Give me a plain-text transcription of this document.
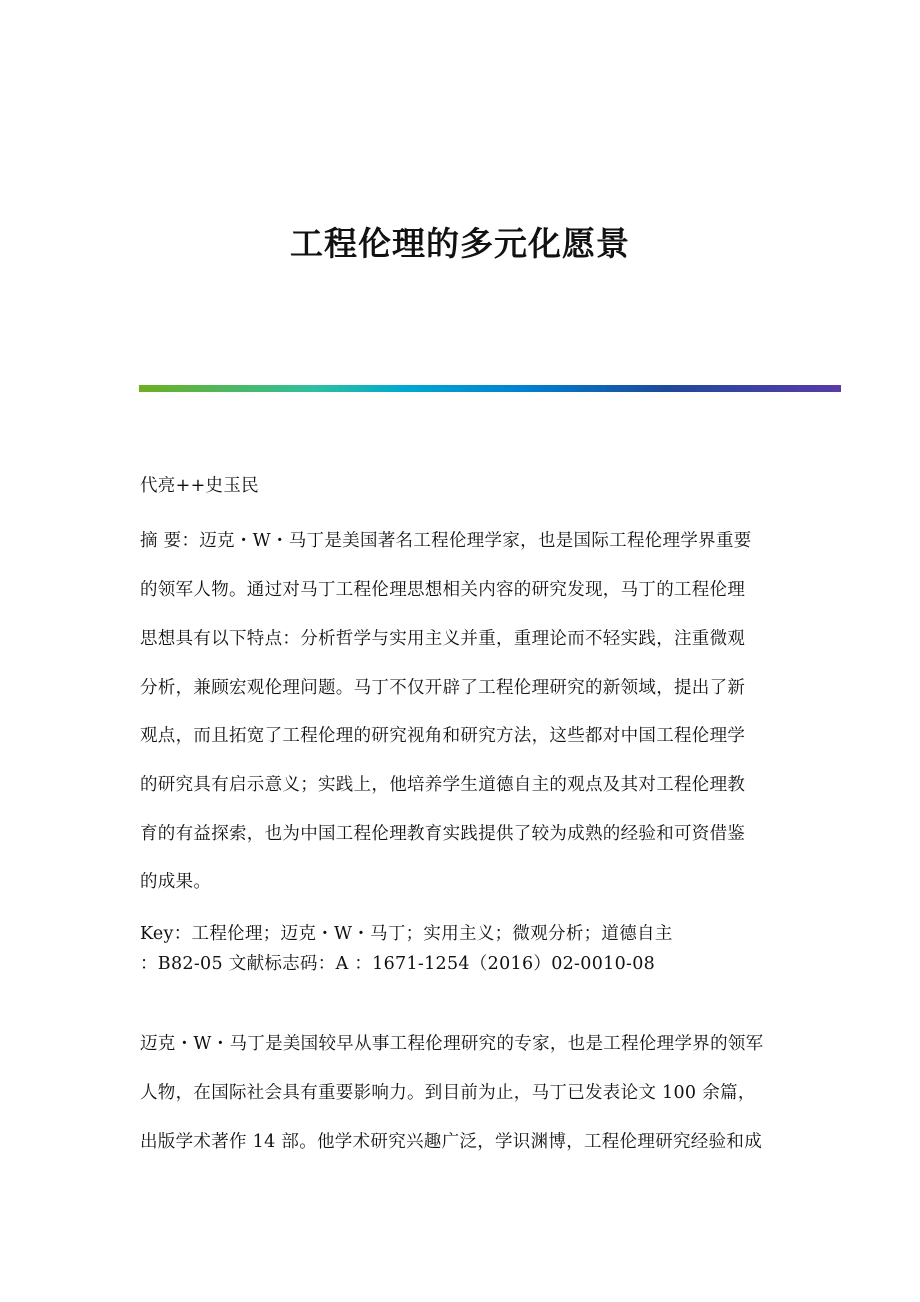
工程伦理的多元化愿景
代亮++史玉民
摘 要：迈克・W・马丁是美国著名工程伦理学家，也是国际工程伦理学界重要
的领军人物。通过对马丁工程伦理思想相关内容的研究发现，马丁的工程伦理
思想具有以下特点：分析哲学与实用主义并重，重理论而不轻实践，注重微观
分析，兼顾宏观伦理问题。马丁不仅开辟了工程伦理研究的新领域，提出了新
观点，而且拓宽了工程伦理的研究视角和研究方法，这些都对中国工程伦理学
的研究具有启示意义；实践上，他培养学生道德自主的观点及其对工程伦理教
育的有益探索，也为中国工程伦理教育实践提供了较为成熟的经验和可资借鉴
的成果。
Key：工程伦理；迈克・W・马丁；实用主义；微观分析；道德自主
：B82-05 文献标志码：A ：1671-1254（2016）02-0010-08
迈克・W・马丁是美国较早从事工程伦理研究的专家，也是工程伦理学界的领军
人物，在国际社会具有重要影响力。到目前为止，马丁已发表论文 100 余篇，
出版学术著作 14 部。他学术研究兴趣广泛，学识渊博，工程伦理研究经验和成
